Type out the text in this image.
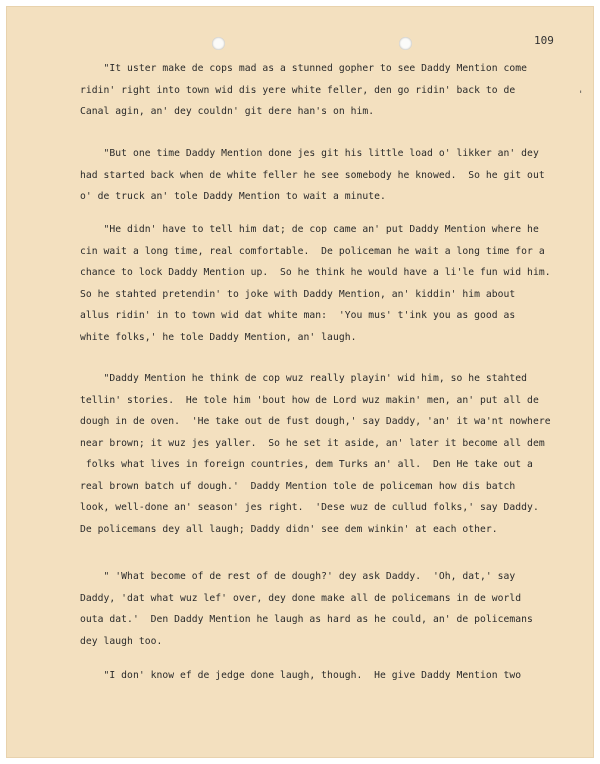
109
'
"It uster make de cops mad as a stunned gopher to see Daddy Mention come
ridin' right into town wid dis yere white feller, den go ridin' back to de
Canal agin, an' dey couldn' git dere han's on him.
"But one time Daddy Mention done jes git his little load o' likker an' dey
had started back when de white feller he see somebody he knowed.  So he git out
o' de truck an' tole Daddy Mention to wait a minute.
"He didn' have to tell him dat; de cop came an' put Daddy Mention where he
cin wait a long time, real comfortable.  De policeman he wait a long time for a
chance to lock Daddy Mention up.  So he think he would have a li'le fun wid him.
So he stahted pretendin' to joke with Daddy Mention, an' kiddin' him about
allus ridin' in to town wid dat white man:  'You mus' t'ink you as good as
white folks,' he tole Daddy Mention, an' laugh.
"Daddy Mention he think de cop wuz really playin' wid him, so he stahted
tellin' stories.  He tole him 'bout how de Lord wuz makin' men, an' put all de
dough in de oven.  'He take out de fust dough,' say Daddy, 'an' it wa'nt nowhere
near brown; it wuz jes yaller.  So he set it aside, an' later it become all dem
folks what lives in foreign countries, dem Turks an' all.  Den He take out a
real brown batch uf dough.'  Daddy Mention tole de policeman how dis batch
look, well-done an' season' jes right.  'Dese wuz de cullud folks,' say Daddy.
De policemans dey all laugh; Daddy didn' see dem winkin' at each other.
" 'What become of de rest of de dough?' dey ask Daddy.  'Oh, dat,' say
Daddy, 'dat what wuz lef' over, dey done make all de policemans in de world
outa dat.'  Den Daddy Mention he laugh as hard as he could, an' de policemans
dey laugh too.
"I don' know ef de jedge done laugh, though.  He give Daddy Mention two
